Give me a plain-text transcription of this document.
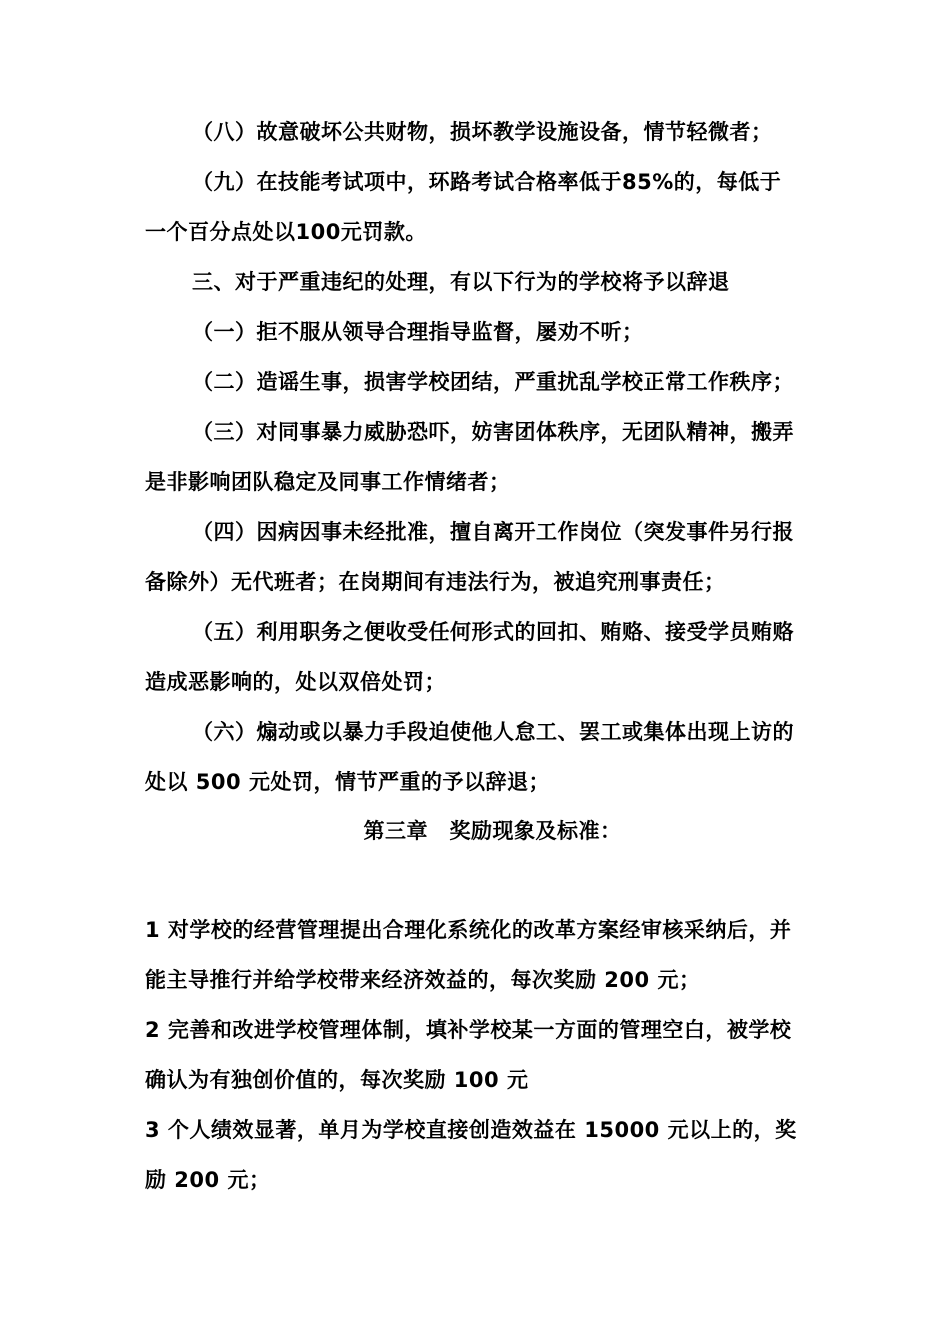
（八）故意破坏公共财物，损坏教学设施设备，情节轻微者；
（九）在技能考试项中，环路考试合格率低于85%的，每低于
一个百分点处以100元罚款。
三、对于严重违纪的处理，有以下行为的学校将予以辞退
（一）拒不服从领导合理指导监督，屡劝不听；
（二）造谣生事，损害学校团结，严重扰乱学校正常工作秩序；
（三）对同事暴力威胁恐吓，妨害团体秩序，无团队精神，搬弄
是非影响团队稳定及同事工作情绪者；
（四）因病因事未经批准，擅自离开工作岗位（突发事件另行报
备除外）无代班者；在岗期间有违法行为，被追究刑事责任；
（五）利用职务之便收受任何形式的回扣、贿赂、接受学员贿赂
造成恶影响的，处以双倍处罚；
（六）煽动或以暴力手段迫使他人怠工、罢工或集体出现上访的
处以 500 元处罚，情节严重的予以辞退；
第三章　奖励现象及标准：
1 对学校的经营管理提出合理化系统化的改革方案经审核采纳后，并
能主导推行并给学校带来经济效益的，每次奖励 200 元；
2 完善和改进学校管理体制，填补学校某一方面的管理空白，被学校
确认为有独创价值的，每次奖励 100 元
3 个人绩效显著，单月为学校直接创造效益在 15000 元以上的，奖
励 200 元；
